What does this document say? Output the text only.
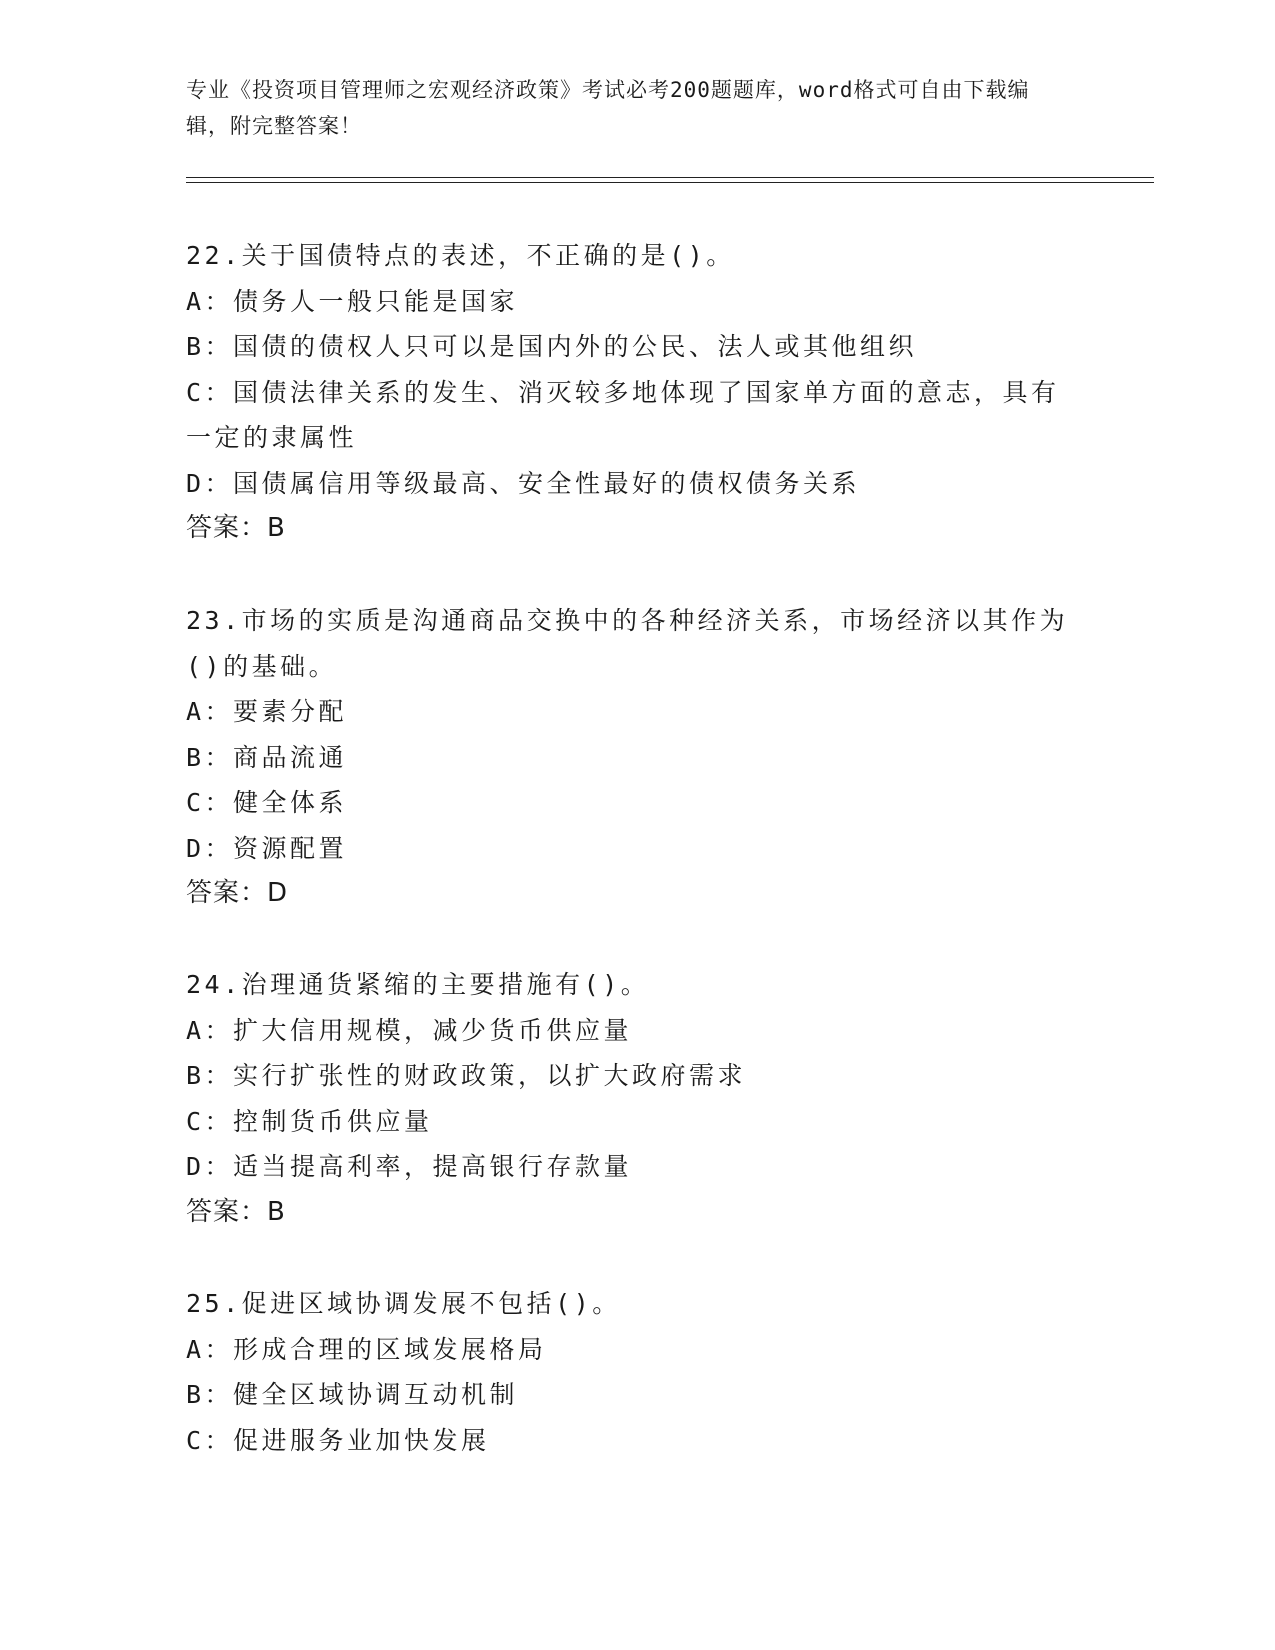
专业《投资项目管理师之宏观经济政策》考试必考200题题库，word格式可自由下载编辑，附完整答案！
22.关于国债特点的表述，不正确的是()。
A：债务人一般只能是国家
B：国债的债权人只可以是国内外的公民、法人或其他组织
C：国债法律关系的发生、消灭较多地体现了国家单方面的意志，具有
一定的隶属性
D：国债属信用等级最高、安全性最好的债权债务关系
答案：B
23.市场的实质是沟通商品交换中的各种经济关系，市场经济以其作为
()的基础。
A：要素分配
B：商品流通
C：健全体系
D：资源配置
答案：D
24.治理通货紧缩的主要措施有()。
A：扩大信用规模，减少货币供应量
B：实行扩张性的财政政策，以扩大政府需求
C：控制货币供应量
D：适当提高利率，提高银行存款量
答案：B
25.促进区域协调发展不包括()。
A：形成合理的区域发展格局
B：健全区域协调互动机制
C：促进服务业加快发展
